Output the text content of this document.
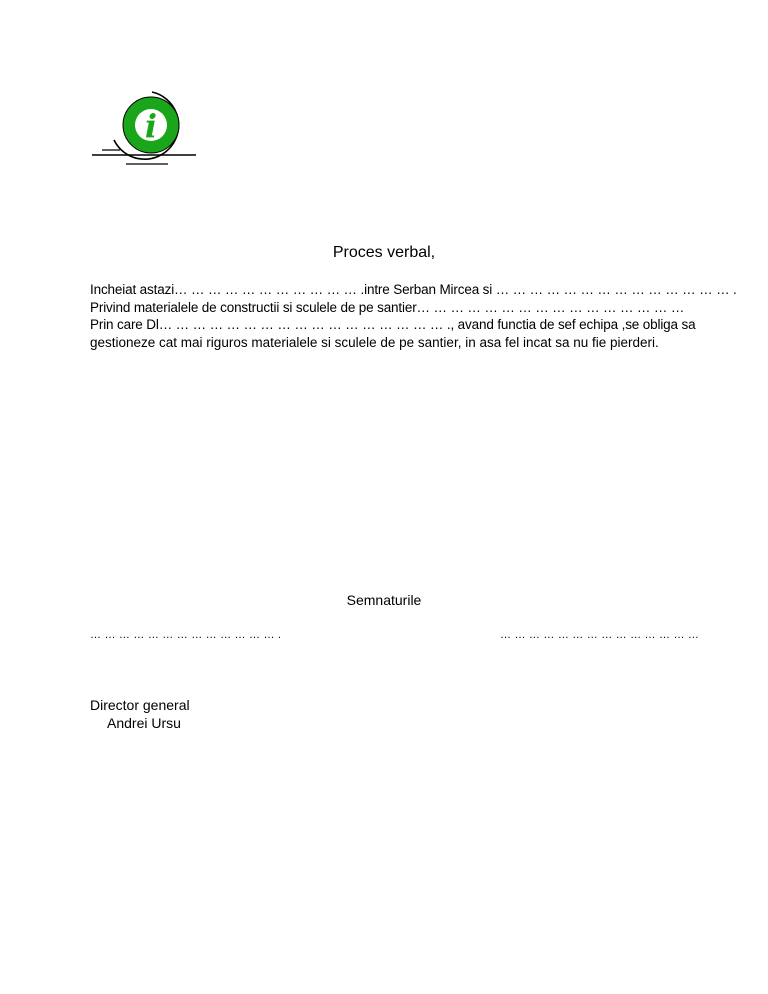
i
Proces verbal,
Incheiat astazi… … … … … … … … … … … .intre Serban Mircea si … … … … … … … … … … … … … … .
Privind materialele de constructii si sculele de pe santier… … … … … … … … … … … … … … … …
Prin care Dl… … … … … … … … … … … … … … … … … ., avand functia de sef echipa ,se obliga sa
gestioneze cat mai riguros materialele si sculele de pe santier, in asa fel incat sa nu fie pierderi.
Semnaturile
… … … … … … … … … … … … … .	… … … … … … … … … … … … … …
Director general
Andrei Ursu
